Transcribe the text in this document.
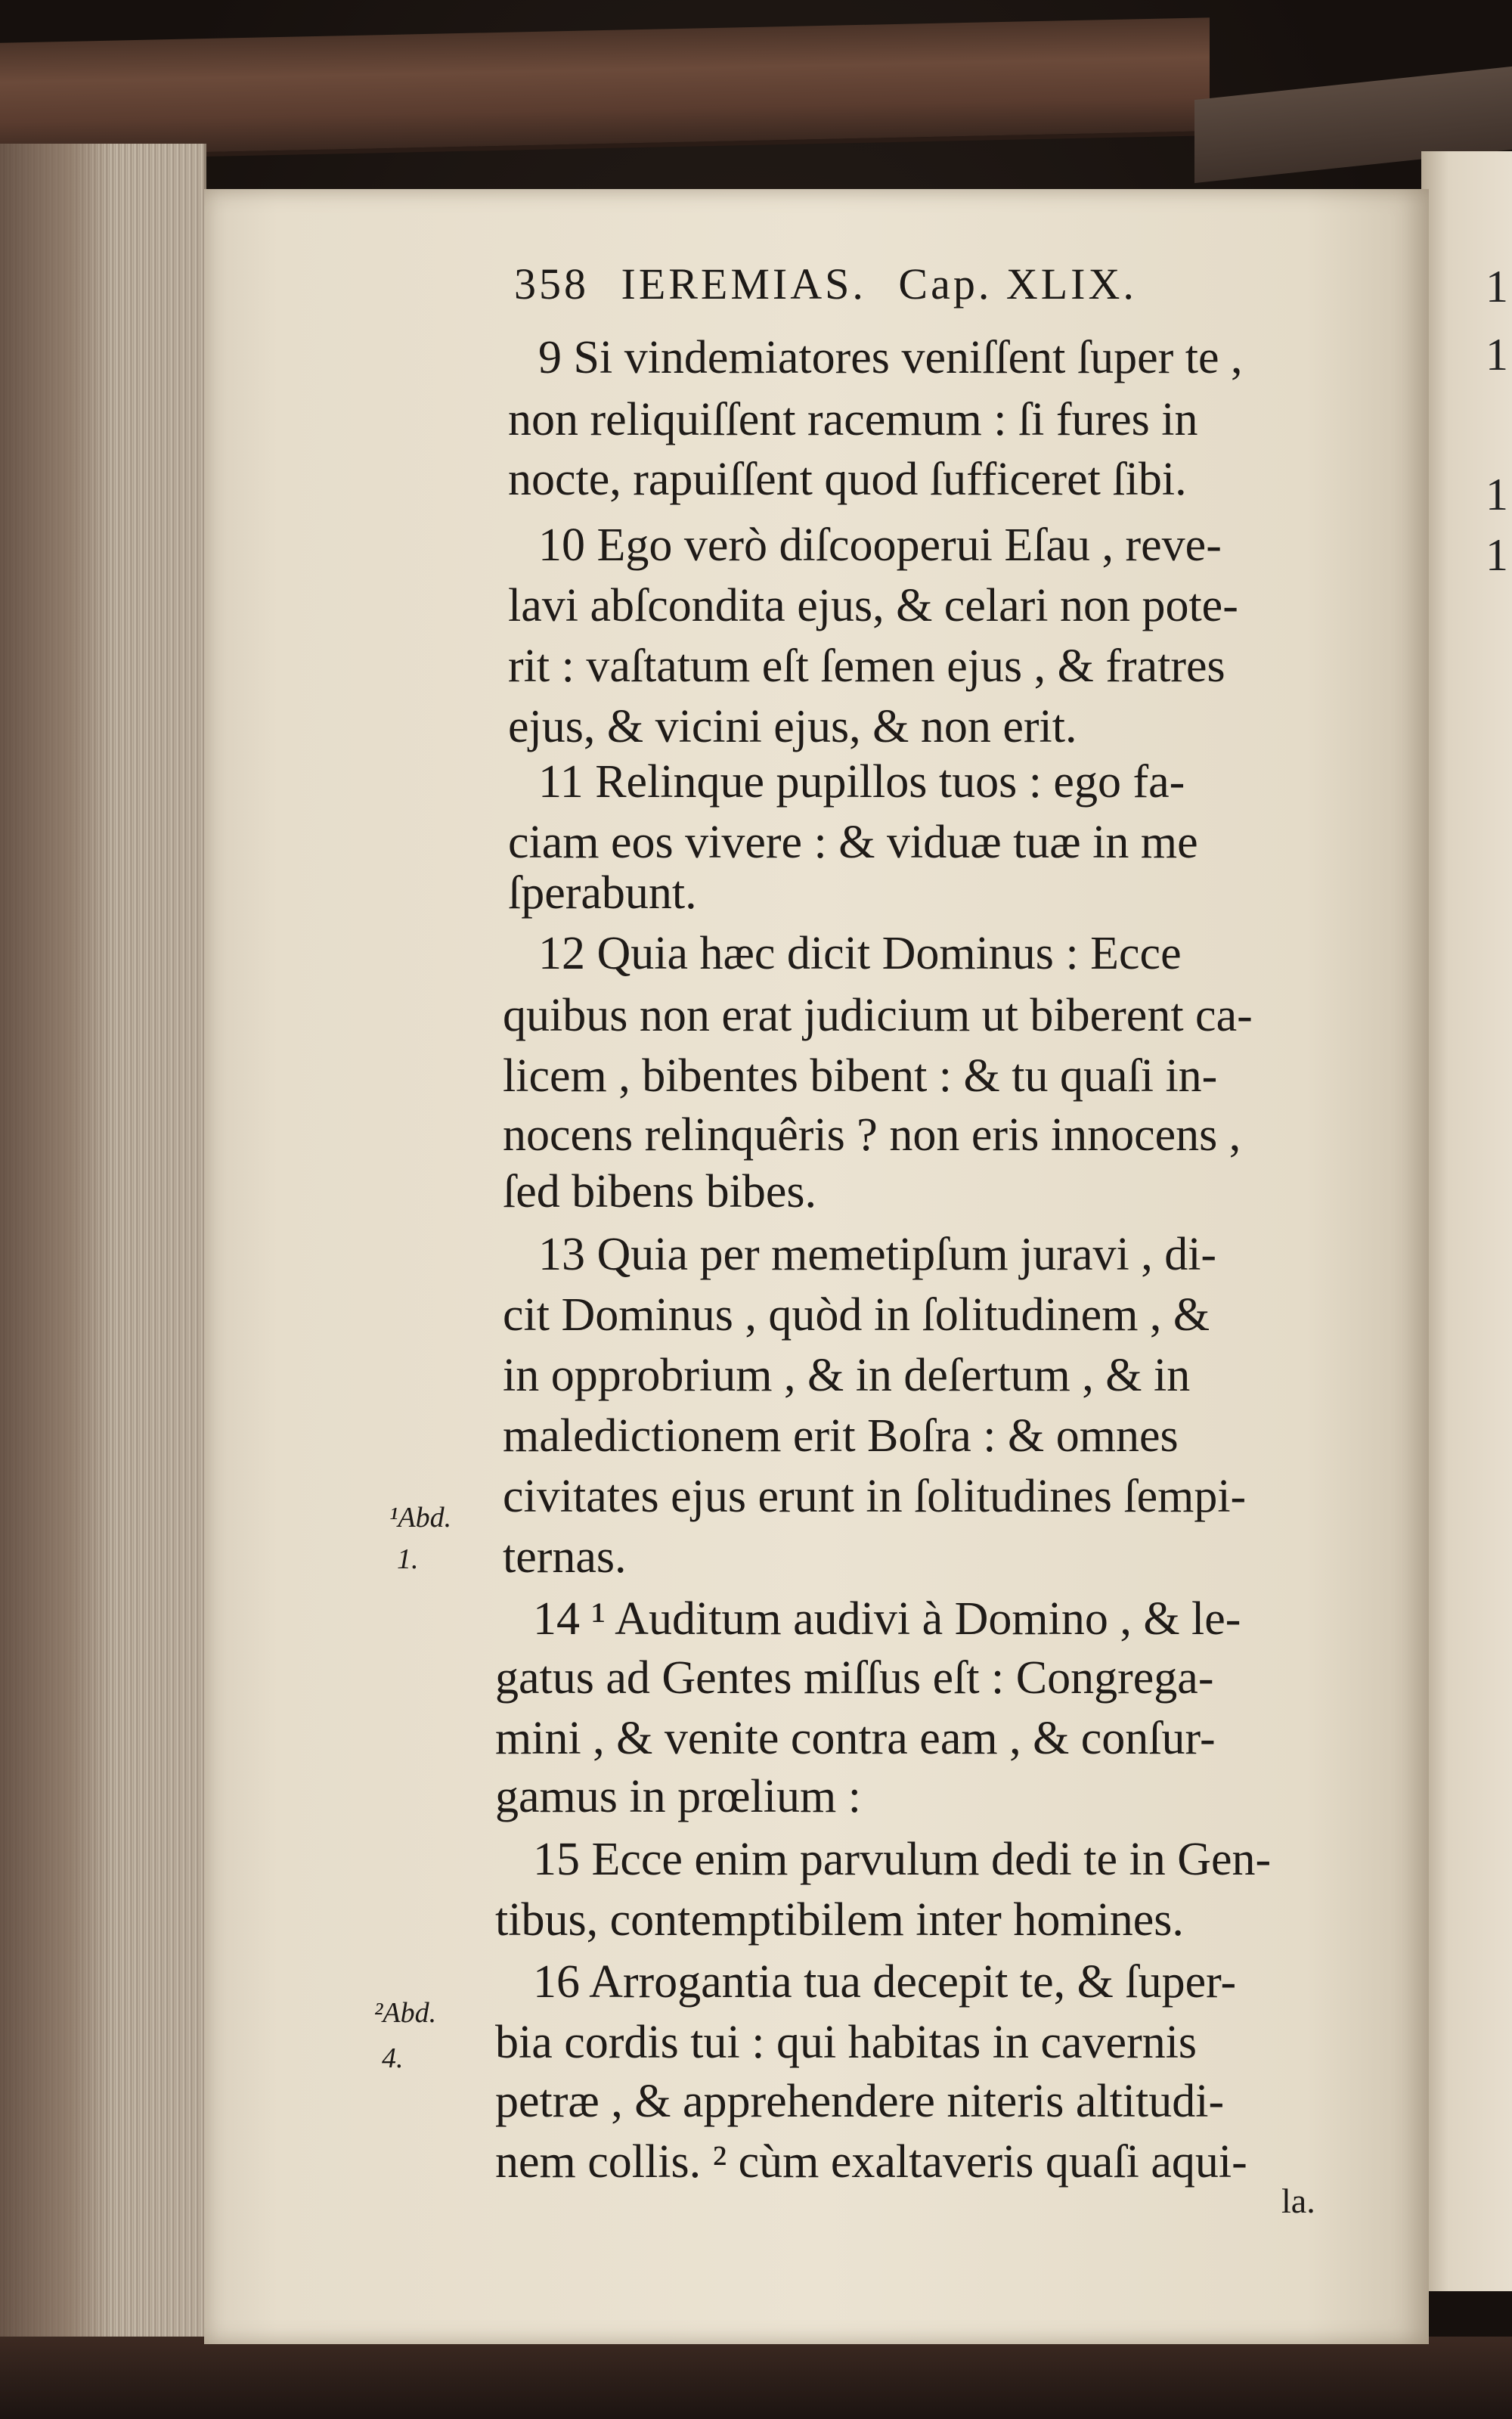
1
1
1
1
358 IEREMIAS. Cap. XLIX.
9 Si vindemiatores veniſſent ſuper te ,
non reliquiſſent racemum : ſi fures in
nocte, rapuiſſent quod ſufficeret ſibi.
10 Ego verò diſcooperui Eſau , reve-
lavi abſcondita ejus, & celari non pote-
rit : vaſtatum eſt ſemen ejus , & fratres
ejus, & vicini ejus, & non erit.
11 Relinque pupillos tuos : ego fa-
ciam eos vivere : & viduæ tuæ in me
ſperabunt.
12 Quia hæc dicit Dominus : Ecce
quibus non erat judicium ut biberent ca-
licem , bibentes bibent : & tu quaſi in-
nocens relinquêris ? non eris innocens ,
ſed bibens bibes.
13 Quia per memetipſum juravi , di-
cit Dominus , quòd in ſolitudinem , &
in opprobrium , & in deſertum , & in
maledictionem erit Boſra : & omnes
civitates ejus erunt in ſolitudines ſempi-
ternas.
14 ¹ Auditum audivi à Domino , & le-
gatus ad Gentes miſſus eſt : Congrega-
mini , & venite contra eam , & conſur-
gamus in prœlium :
15 Ecce enim parvulum dedi te in Gen-
tibus, contemptibilem inter homines.
16 Arrogantia tua decepit te, & ſuper-
bia cordis tui : qui habitas in cavernis
petræ , & apprehendere niteris altitudi-
nem collis. ² cùm exaltaveris quaſi aqui-
la.
¹Abd.
1.
²Abd.
4.
